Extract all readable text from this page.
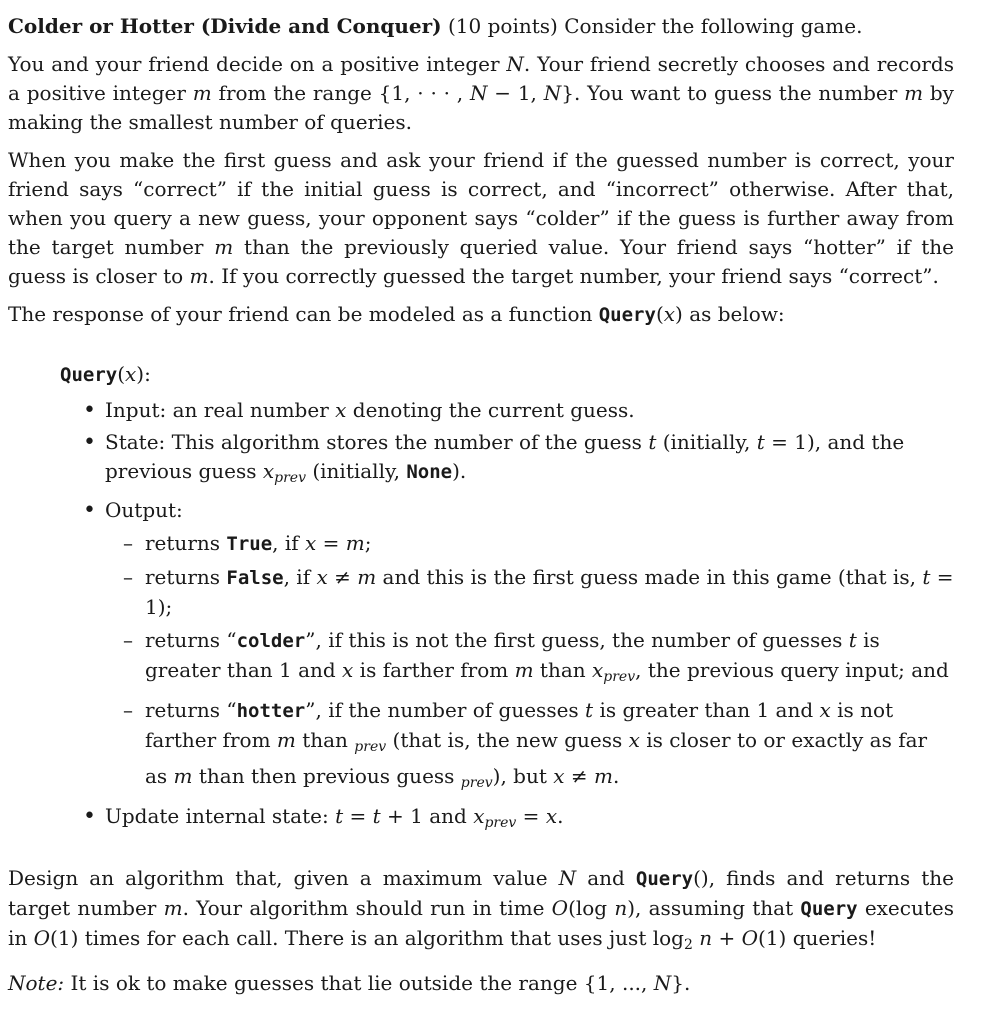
Colder or Hotter (Divide and Conquer) (10 points) Consider the following game.

You and your friend decide on a positive integer N. Your friend secretly chooses and records a positive integer m from the range {1, · · · , N − 1, N}. You want to guess the number m by making the smallest number of queries.

When you make the first guess and ask your friend if the guessed number is correct, your friend says “correct” if the initial guess is correct, and “incorrect” otherwise. After that, when you query a new guess, your opponent says “colder” if the guess is further away from the target number m than the previously queried value. Your friend says “hotter” if the guess is closer to m. If you correctly guessed the target number, your friend says “correct”.

The response of your friend can be modeled as a function Query(x) as below:

Query(x):
• Input: an real number x denoting the current guess.
• State: This algorithm stores the number of the guess t (initially, t = 1), and the previous guess $x_{prev}$ (initially, None).
• Output:
– returns True, if x = m;
– returns False, if x ≠ m and this is the first guess made in this game (that is, t = 1);
– returns “colder”, if this is not the first guess, the number of guesses t is greater than 1 and x is farther from m than $x_{prev}$, the previous query input; and
– returns “hotter”, if the number of guesses t is greater than 1 and x is not farther from m than $_{prev}$ (that is, the new guess x is closer to or exactly as far as m than then previous guess $_{prev}$), but x ≠ m.
• Update internal state: t = t + 1 and $x_{prev} = x$.

Design an algorithm that, given a maximum value N and Query(), finds and returns the target number m. Your algorithm should run in time O(log n), assuming that Query executes in O(1) times for each call. There is an algorithm that uses just $\log_2 n + O(1)$ queries!

Note: It is ok to make guesses that lie outside the range {1, ..., N}.
